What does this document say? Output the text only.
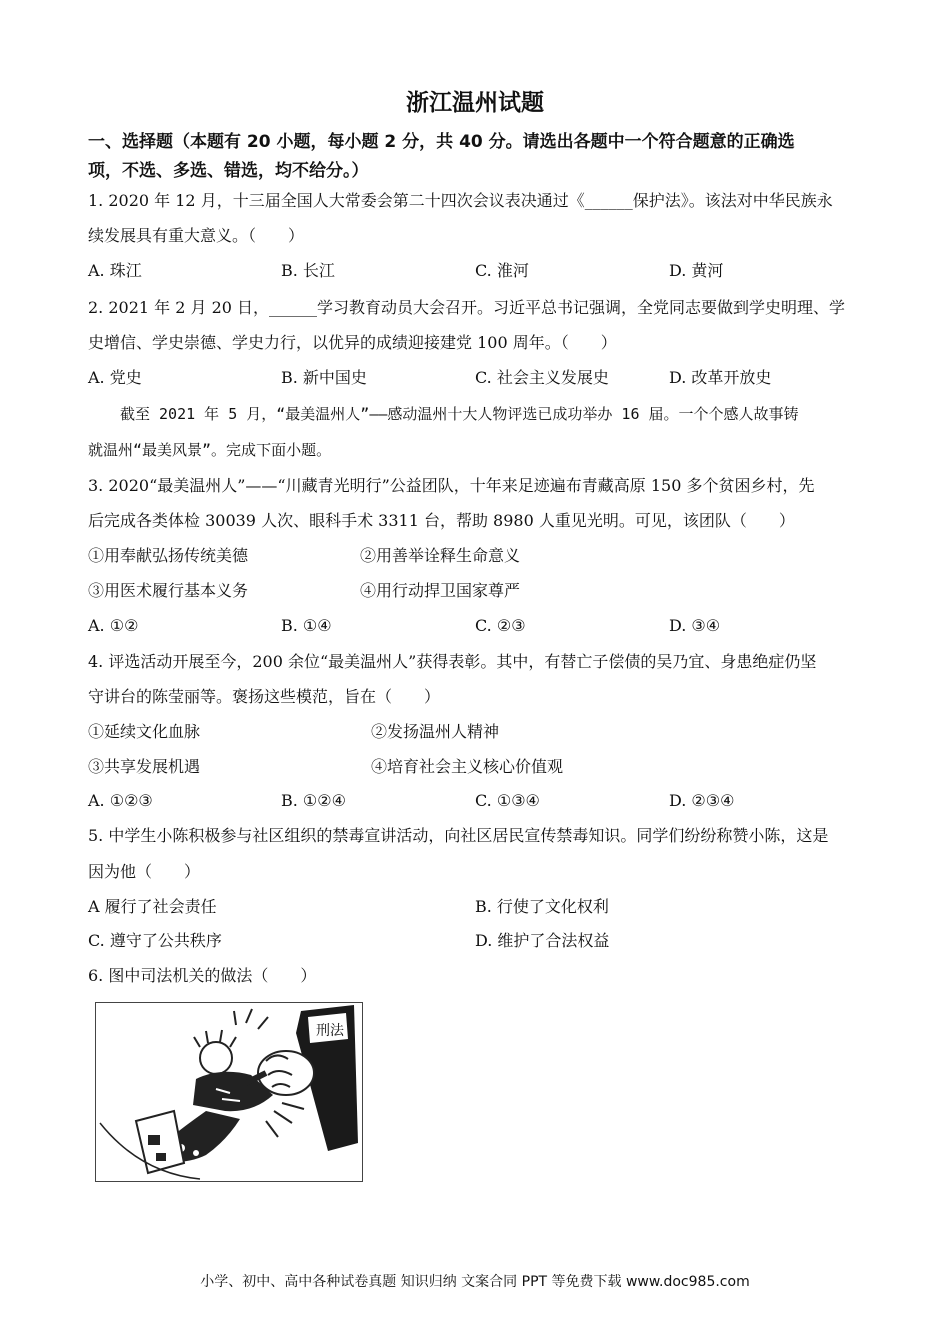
浙江温州试题
一、选择题（本题有 20 小题，每小题 2 分，共 40 分。请选出各题中一个符合题意的正确选
项，不选、多选、错选，均不给分。）
1. 2020 年 12 月，十三届全国人大常委会第二十四次会议表决通过《______保护法》。该法对中华民族永
续发展具有重大意义。（　　）
A. 珠江	B. 长江	C. 淮河	D. 黄河
2. 2021 年 2 月 20 日，______学习教育动员大会召开。习近平总书记强调，全党同志要做到学史明理、学
史增信、学史崇德、学史力行，以优异的成绩迎接建党 100 周年。（　　）
A. 党史	B. 新中国史	C. 社会主义发展史	D. 改革开放史
截至 2021 年 5 月，“最美温州人”——感动温州十大人物评选已成功举办 16 届。一个个感人故事铸
就温州“最美风景”。完成下面小题。
3. 2020“最美温州人”——“川藏青光明行”公益团队，十年来足迹遍布青藏高原 150 多个贫困乡村，先
后完成各类体检 30039 人次、眼科手术 3311 台，帮助 8980 人重见光明。可见，该团队（　　）
①用奉献弘扬传统美德	②用善举诠释生命意义
③用医术履行基本义务	④用行动捍卫国家尊严
A. ①②	B. ①④	C. ②③	D. ③④
4. 评选活动开展至今，200 余位“最美温州人”获得表彰。其中，有替亡子偿债的吴乃宜、身患绝症仍坚
守讲台的陈莹丽等。褒扬这些模范，旨在（　　）
①延续文化血脉	②发扬温州人精神
③共享发展机遇	④培育社会主义核心价值观
A. ①②③	B. ①②④	C. ①③④	D. ②③④
5. 中学生小陈积极参与社区组织的禁毒宣讲活动，向社区居民宣传禁毒知识。同学们纷纷称赞小陈，这是
因为他（　　）
A 履行了社会责任	B. 行使了文化权利
C. 遵守了公共秩序	D. 维护了合法权益
6. 图中司法机关的做法（　　）
刑法
小学、初中、高中各种试卷真题 知识归纳 文案合同 PPT 等免费下载 www.doc985.com
